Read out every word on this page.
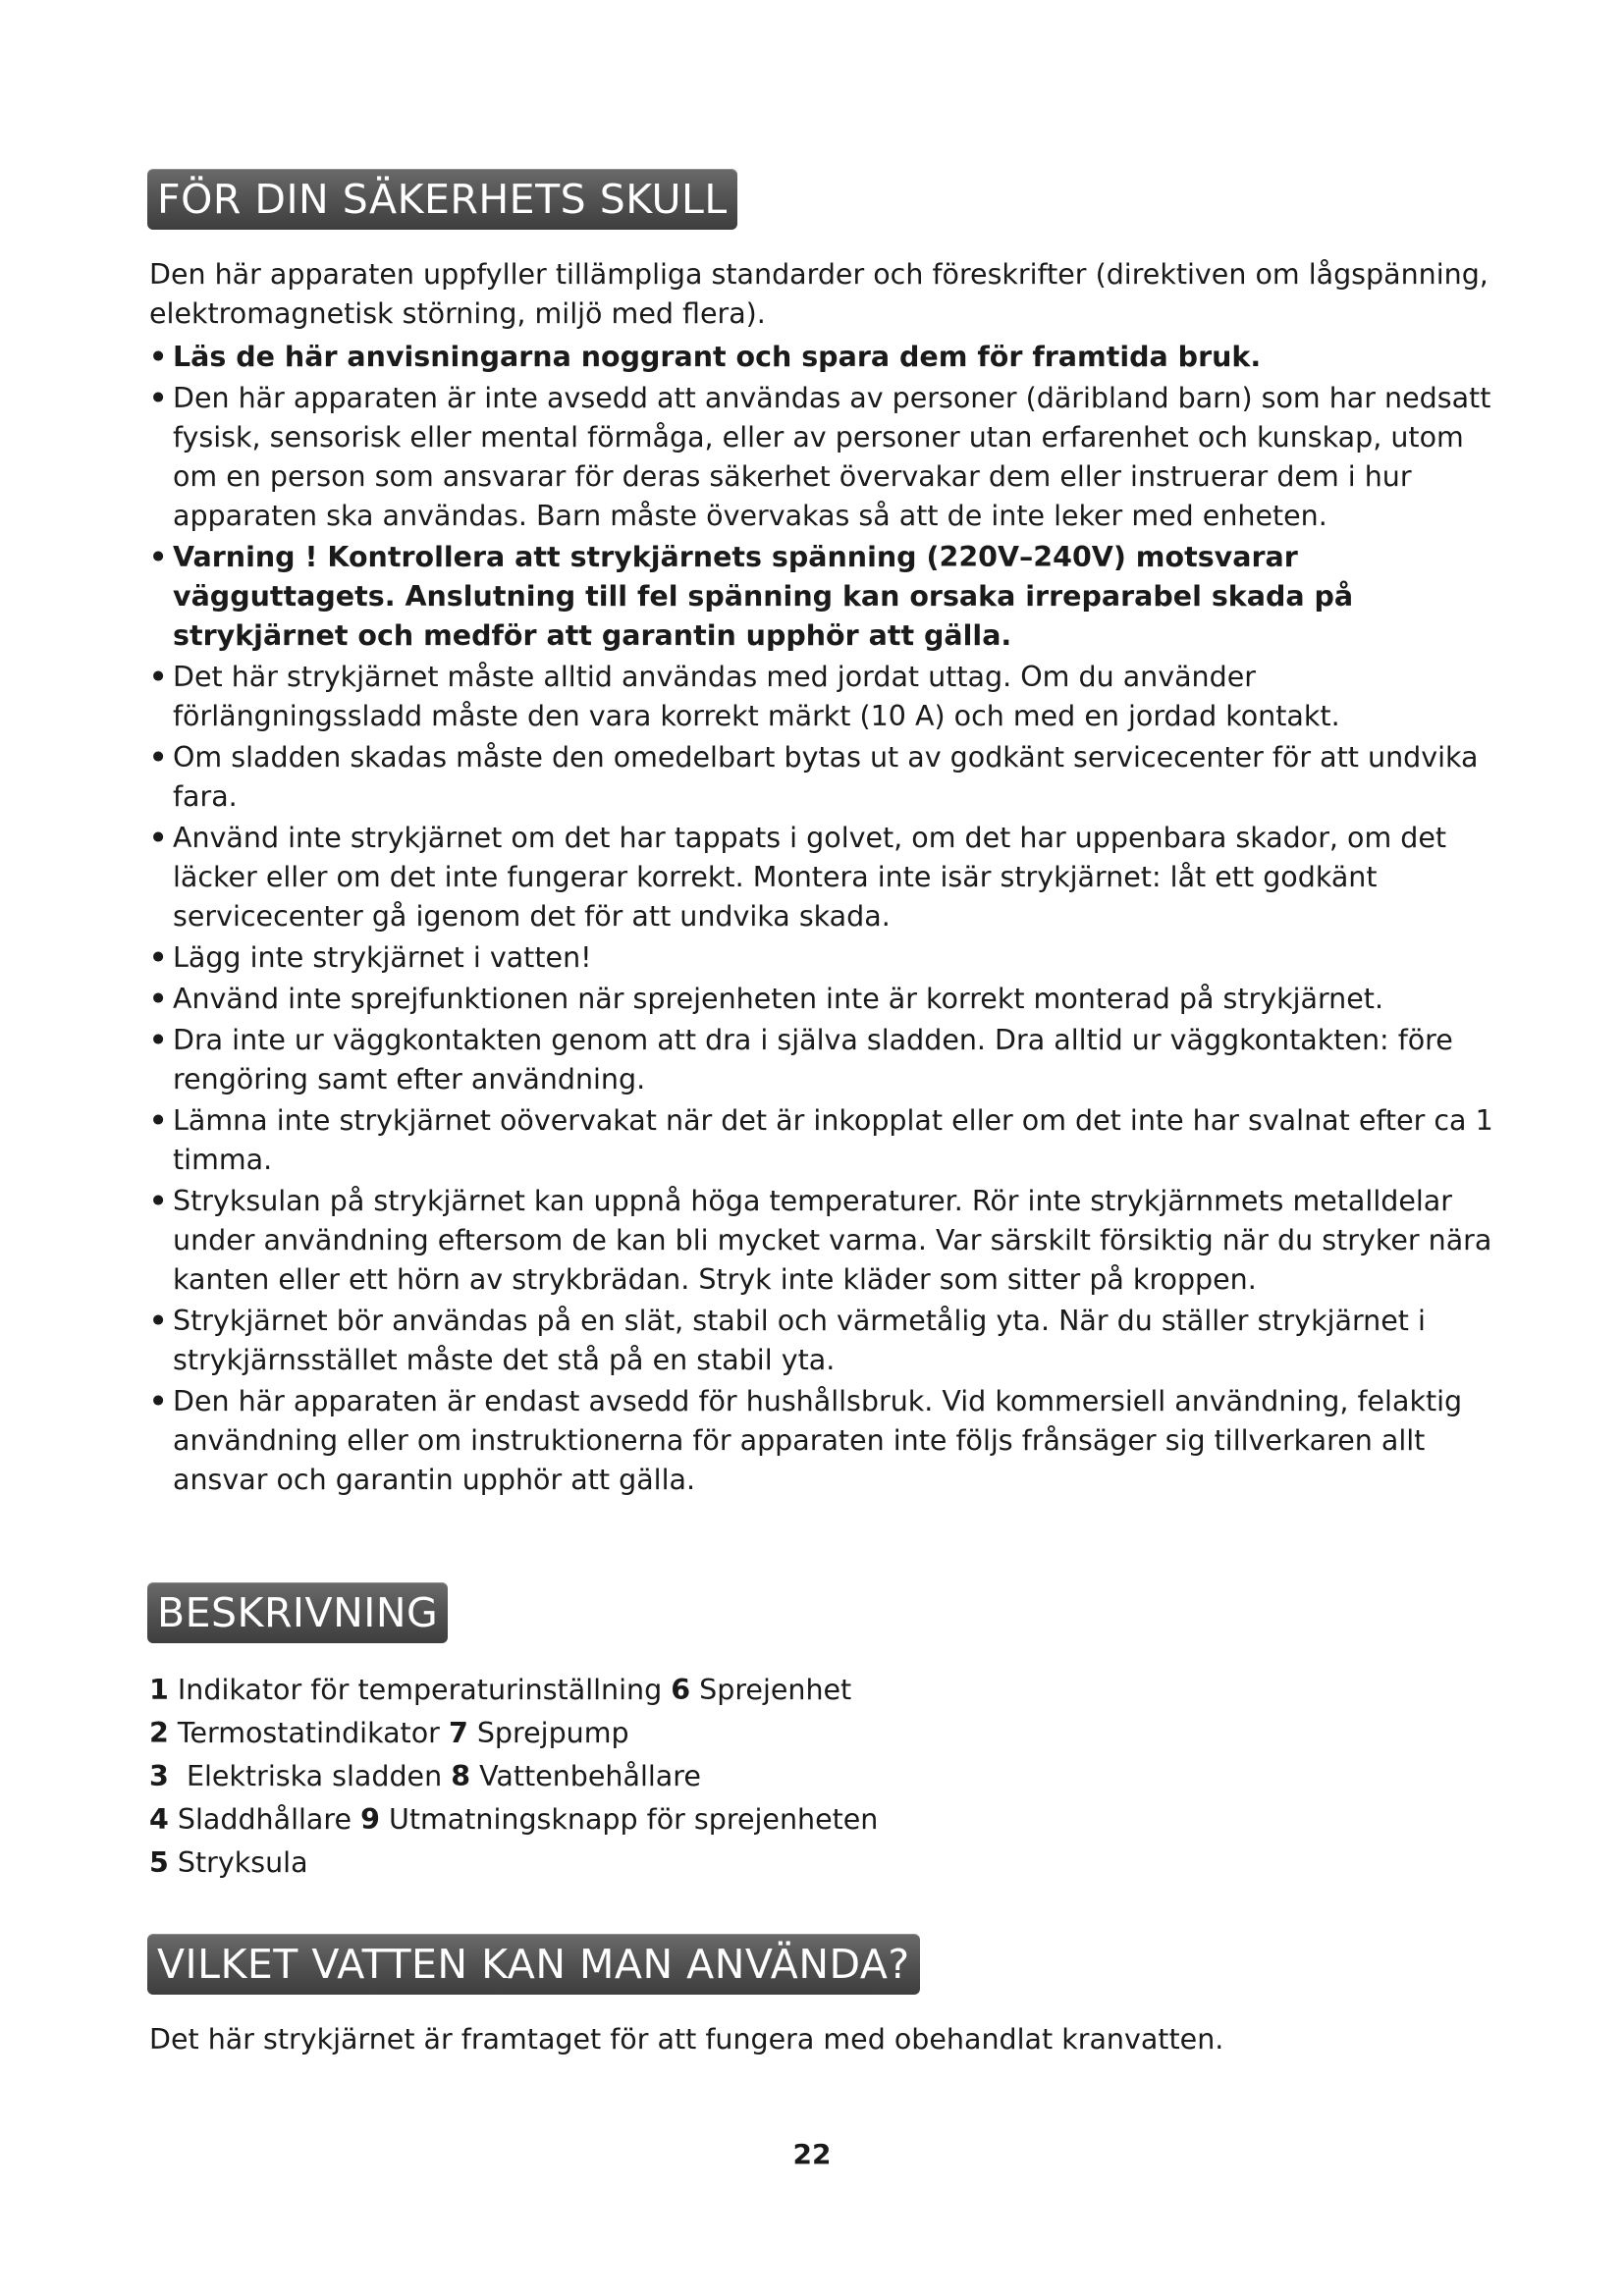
FÖR DIN SÄKERHETS SKULL

Den här apparaten uppfyller tillämpliga standarder och föreskrifter (direktiven om lågspänning, elektromagnetisk störning, miljö med flera).

• Läs de här anvisningarna noggrant och spara dem för framtida bruk.
• Den här apparaten är inte avsedd att användas av personer (däribland barn) som har nedsatt fysisk, sensorisk eller mental förmåga, eller av personer utan erfarenhet och kunskap, utom om en person som ansvarar för deras säkerhet övervakar dem eller instruerar dem i hur apparaten ska användas. Barn måste övervakas så att de inte leker med enheten.
• Varning ! Kontrollera att strykjärnets spänning (220V–240V) motsvarar vägguttagets. Anslutning till fel spänning kan orsaka irreparabel skada på strykjärnet och medför att garantin upphör att gälla.
• Det här strykjärnet måste alltid användas med jordat uttag. Om du använder förlängningssladd måste den vara korrekt märkt (10 A) och med en jordad kontakt.
• Om sladden skadas måste den omedelbart bytas ut av godkänt servicecenter för att undvika fara.
• Använd inte strykjärnet om det har tappats i golvet, om det har uppenbara skador, om det läcker eller om det inte fungerar korrekt. Montera inte isär strykjärnet: låt ett godkänt servicecenter gå igenom det för att undvika skada.
• Lägg inte strykjärnet i vatten!
• Använd inte sprejfunktionen när sprejenheten inte är korrekt monterad på strykjärnet.
• Dra inte ur väggkontakten genom att dra i själva sladden. Dra alltid ur väggkontakten: före rengöring samt efter användning.
• Lämna inte strykjärnet oövervakat när det är inkopplat eller om det inte har svalnat efter ca 1 timma.
• Stryksulan på strykjärnet kan uppnå höga temperaturer. Rör inte strykjärnmets metalldelar under användning eftersom de kan bli mycket varma. Var särskilt försiktig när du stryker nära kanten eller ett hörn av strykbrädan. Stryk inte kläder som sitter på kroppen.
• Strykjärnet bör användas på en slät, stabil och värmetålig yta. När du ställer strykjärnet i strykjärnsstället måste det stå på en stabil yta.
• Den här apparaten är endast avsedd för hushållsbruk. Vid kommersiell användning, felaktig användning eller om instruktionerna för apparaten inte följs frånsäger sig tillverkaren allt ansvar och garantin upphör att gälla.
BESKRIVNING
1 Indikator för temperaturinställning 6 Sprejenhet
2 Termostatindikator 7 Sprejpump
3 Elektriska sladden 8 Vattenbehållare
4 Sladdhållare 9 Utmatningsknapp för sprejenheten
5 Stryksula
VILKET VATTEN KAN MAN ANVÄNDA?

Det här strykjärnet är framtaget för att fungera med obehandlat kranvatten.

22
